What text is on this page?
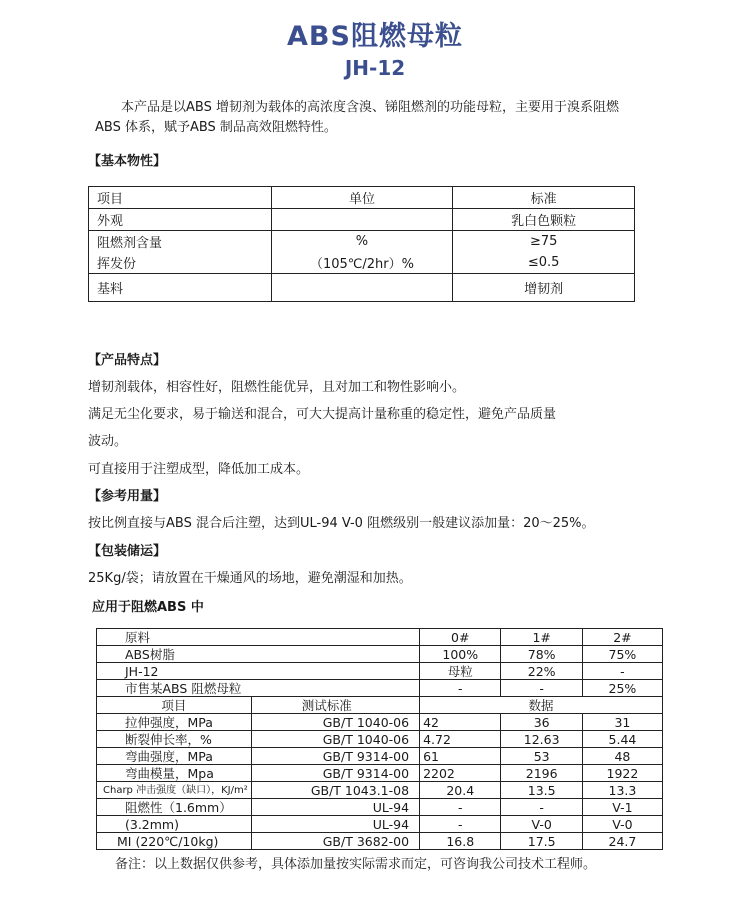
ABS阻燃母粒
JH-12
本产品是以ABS 增韧剂为载体的高浓度含溴、锑阻燃剂的功能母粒，主要用于溴系阻燃ABS 体系，赋予ABS 制品高效阻燃特性。
【基本物性】
项目	单位	标准
外观		乳白色颗粒
阻燃剂含量	%	≥75
挥发份	（105℃/2hr）%	≤0.5
基料		增韧剂
【产品特点】
增韧剂载体，相容性好，阻燃性能优异，且对加工和物性影响小。
满足无尘化要求，易于输送和混合，可大大提高计量称重的稳定性，避免产品质量
波动。
可直接用于注塑成型，降低加工成本。
【参考用量】
按比例直接与ABS 混合后注塑，达到UL-94 V-0 阻燃级别一般建议添加量：20～25%。
【包装储运】
25Kg/袋；请放置在干燥通风的场地，避免潮湿和加热。
应用于阻燃ABS 中
原料		0#	1#	2#
ABS树脂		100%	78%	75%
JH-12		母粒	22%	-
市售某ABS 阻燃母粒		-	-	25%
项目	测试标准	数据		
拉伸强度，MPa	GB/T 1040-06	42	36	31
断裂伸长率，%	GB/T 1040-06	4.72	12.63	5.44
弯曲强度，MPa	GB/T 9314-00	61	53	48
弯曲模量，Mpa	GB/T 9314-00	2202	2196	1922
Charp 冲击强度（缺口），KJ/m²	GB/T 1043.1-08	20.4	13.5	13.3
阻燃性（1.6mm）	UL-94	-	-	V-1
(3.2mm)	UL-94	-	V-0	V-0
MI (220℃/10kg)	GB/T 3682-00	16.8	17.5	24.7
备注：以上数据仅供参考，具体添加量按实际需求而定，可咨询我公司技术工程师。
